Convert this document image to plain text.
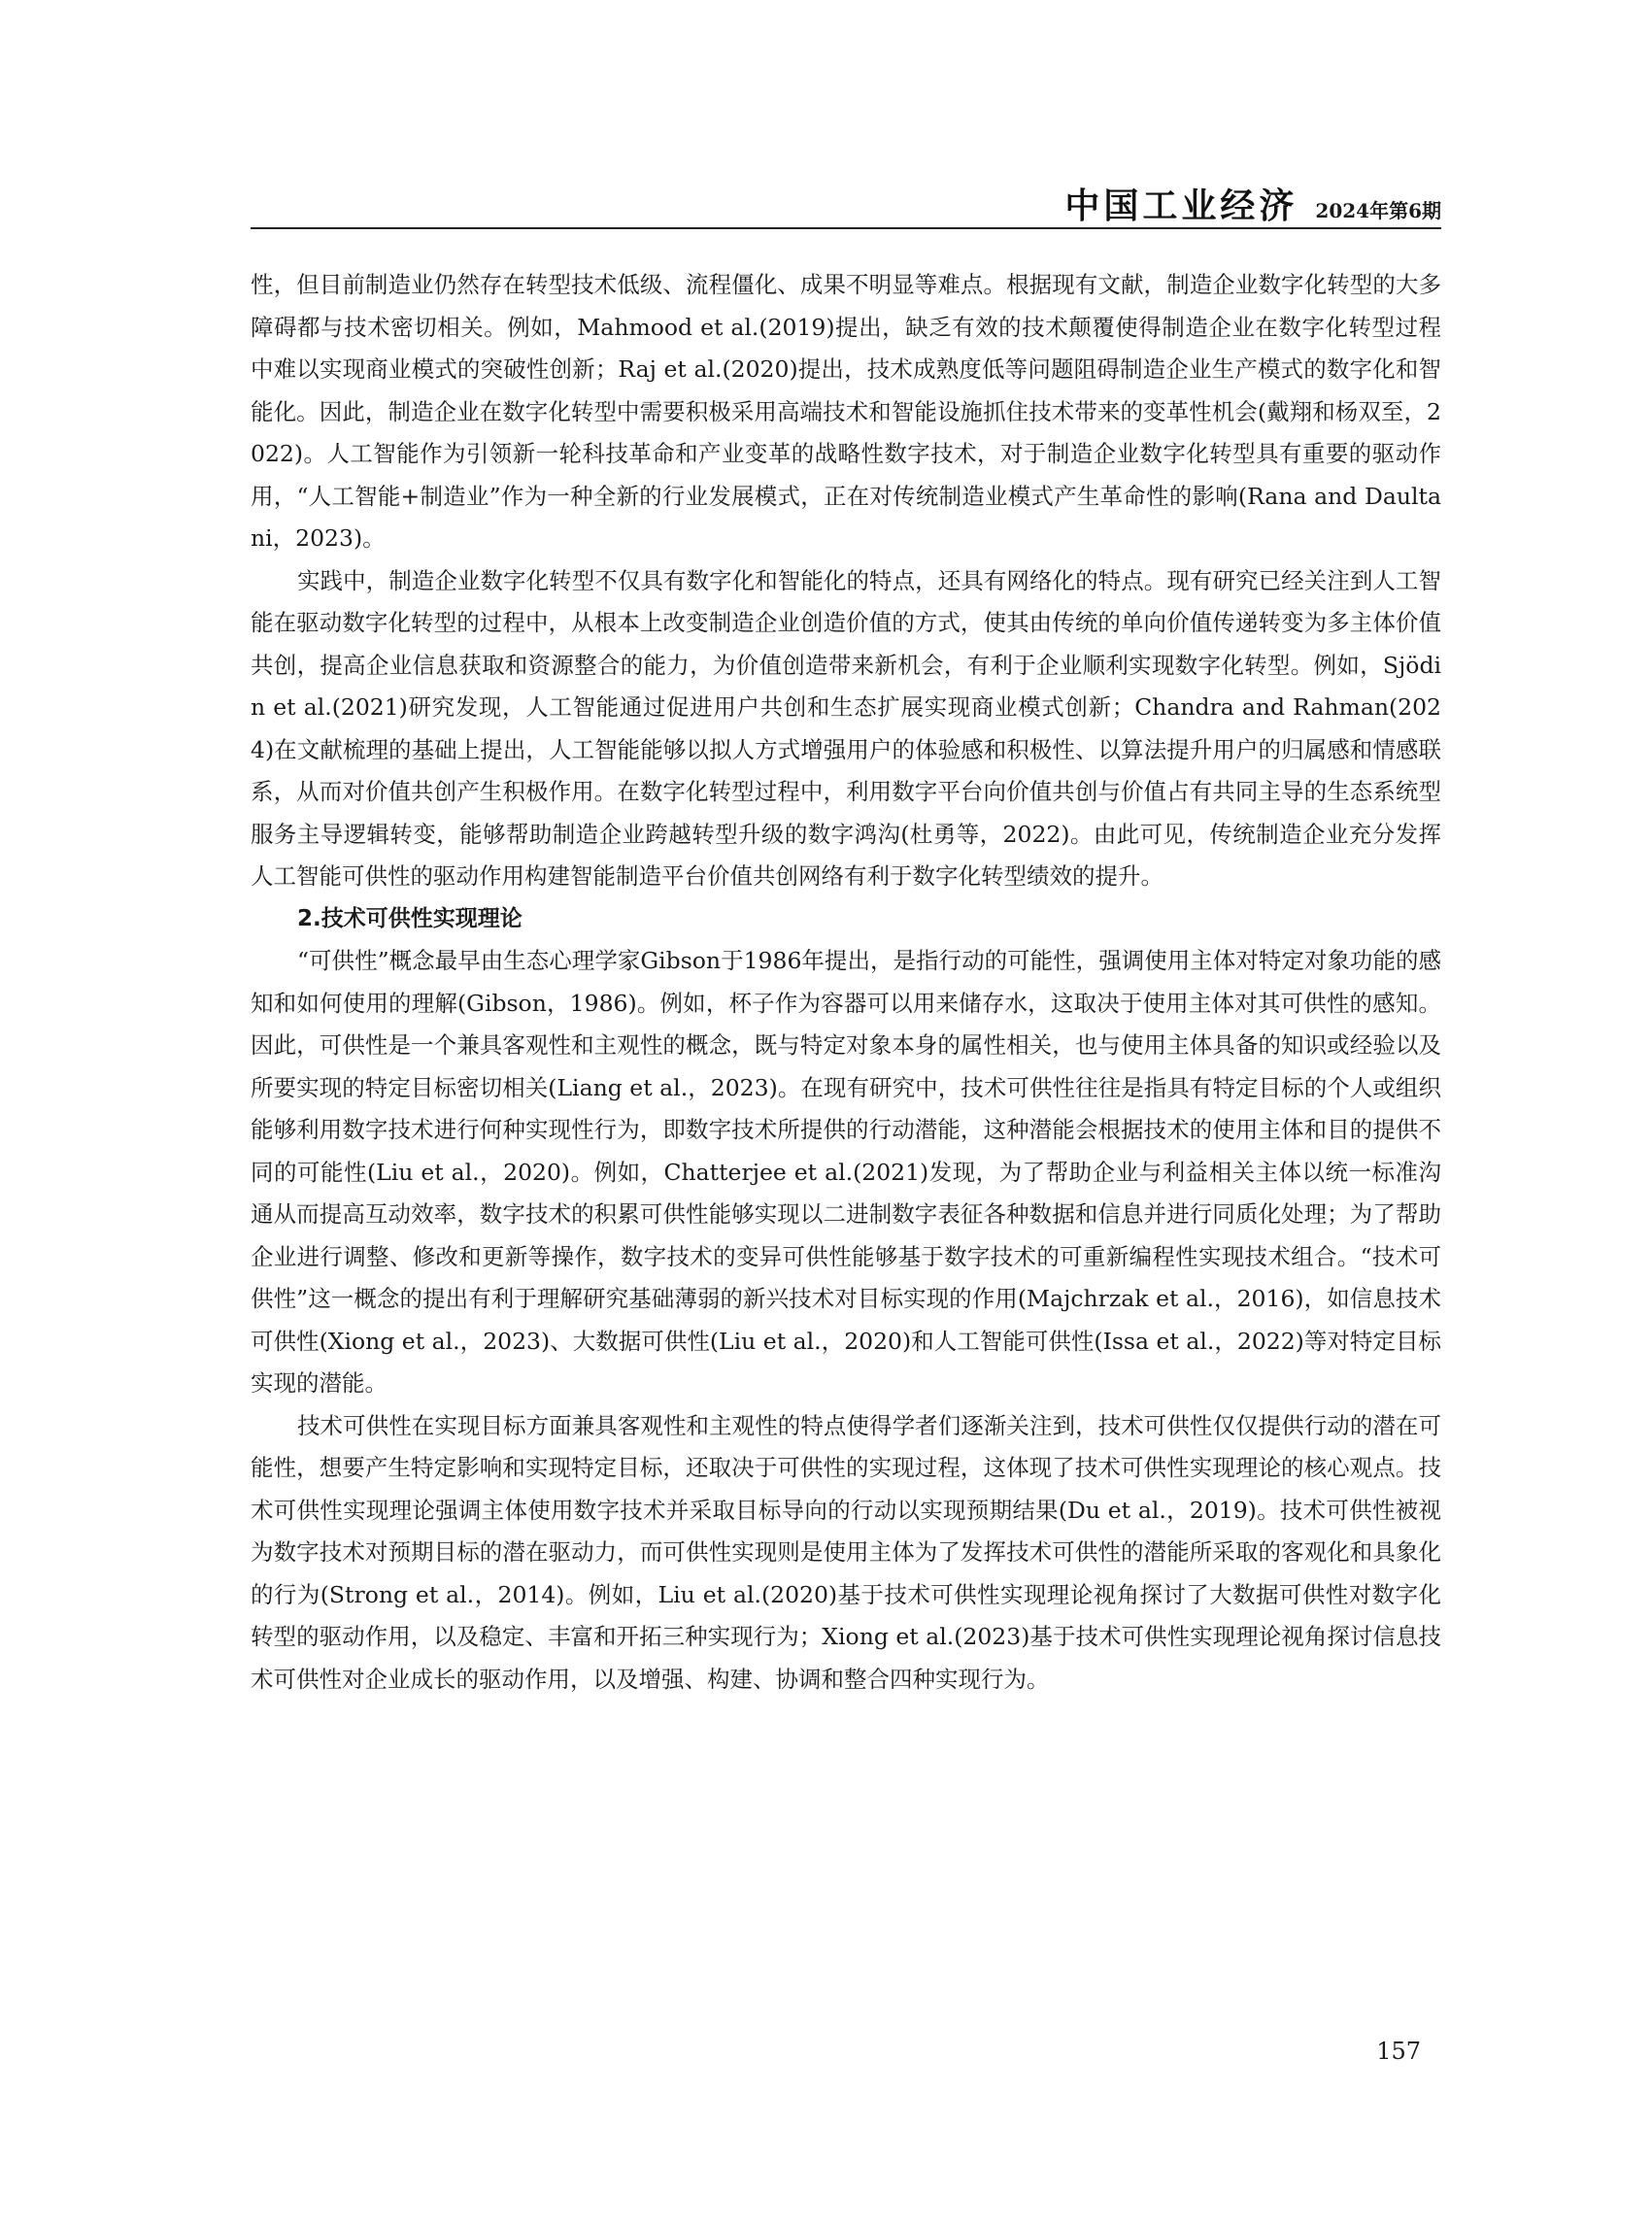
中国工业经济 2024年第6期

性，但目前制造业仍然存在转型技术低级、流程僵化、成果不明显等难点。根据现有文献，制造企业数字化转型的大多障碍都与技术密切相关。例如，Mahmood et al.(2019)提出，缺乏有效的技术颠覆使得制造企业在数字化转型过程中难以实现商业模式的突破性创新；Raj et al.(2020)提出，技术成熟度低等问题阻碍制造企业生产模式的数字化和智能化。因此，制造企业在数字化转型中需要积极采用高端技术和智能设施抓住技术带来的变革性机会(戴翔和杨双至，2022)。人工智能作为引领新一轮科技革命和产业变革的战略性数字技术，对于制造企业数字化转型具有重要的驱动作用，“人工智能+制造业”作为一种全新的行业发展模式，正在对传统制造业模式产生革命性的影响(Rana and Daultani，2023)。

实践中，制造企业数字化转型不仅具有数字化和智能化的特点，还具有网络化的特点。现有研究已经关注到人工智能在驱动数字化转型的过程中，从根本上改变制造企业创造价值的方式，使其由传统的单向价值传递转变为多主体价值共创，提高企业信息获取和资源整合的能力，为价值创造带来新机会，有利于企业顺利实现数字化转型。例如，Sjödin et al.(2021)研究发现，人工智能通过促进用户共创和生态扩展实现商业模式创新；Chandra and Rahman(2024)在文献梳理的基础上提出，人工智能能够以拟人方式增强用户的体验感和积极性、以算法提升用户的归属感和情感联系，从而对价值共创产生积极作用。在数字化转型过程中，利用数字平台向价值共创与价值占有共同主导的生态系统型服务主导逻辑转变，能够帮助制造企业跨越转型升级的数字鸿沟(杜勇等，2022)。由此可见，传统制造企业充分发挥人工智能可供性的驱动作用构建智能制造平台价值共创网络有利于数字化转型绩效的提升。

2.技术可供性实现理论

“可供性”概念最早由生态心理学家Gibson于1986年提出，是指行动的可能性，强调使用主体对特定对象功能的感知和如何使用的理解(Gibson，1986)。例如，杯子作为容器可以用来储存水，这取决于使用主体对其可供性的感知。因此，可供性是一个兼具客观性和主观性的概念，既与特定对象本身的属性相关，也与使用主体具备的知识或经验以及所要实现的特定目标密切相关(Liang et al.，2023)。在现有研究中，技术可供性往往是指具有特定目标的个人或组织能够利用数字技术进行何种实现性行为，即数字技术所提供的行动潜能，这种潜能会根据技术的使用主体和目的提供不同的可能性(Liu et al.，2020)。例如，Chatterjee et al.(2021)发现，为了帮助企业与利益相关主体以统一标准沟通从而提高互动效率，数字技术的积累可供性能够实现以二进制数字表征各种数据和信息并进行同质化处理；为了帮助企业进行调整、修改和更新等操作，数字技术的变异可供性能够基于数字技术的可重新编程性实现技术组合。“技术可供性”这一概念的提出有利于理解研究基础薄弱的新兴技术对目标实现的作用(Majchrzak et al.，2016)，如信息技术可供性(Xiong et al.，2023)、大数据可供性(Liu et al.，2020)和人工智能可供性(Issa et al.，2022)等对特定目标实现的潜能。

技术可供性在实现目标方面兼具客观性和主观性的特点使得学者们逐渐关注到，技术可供性仅仅提供行动的潜在可能性，想要产生特定影响和实现特定目标，还取决于可供性的实现过程，这体现了技术可供性实现理论的核心观点。技术可供性实现理论强调主体使用数字技术并采取目标导向的行动以实现预期结果(Du et al.，2019)。技术可供性被视为数字技术对预期目标的潜在驱动力，而可供性实现则是使用主体为了发挥技术可供性的潜能所采取的客观化和具象化的行为(Strong et al.，2014)。例如，Liu et al.(2020)基于技术可供性实现理论视角探讨了大数据可供性对数字化转型的驱动作用，以及稳定、丰富和开拓三种实现行为；Xiong et al.(2023)基于技术可供性实现理论视角探讨信息技术可供性对企业成长的驱动作用，以及增强、构建、协调和整合四种实现行为。

157
